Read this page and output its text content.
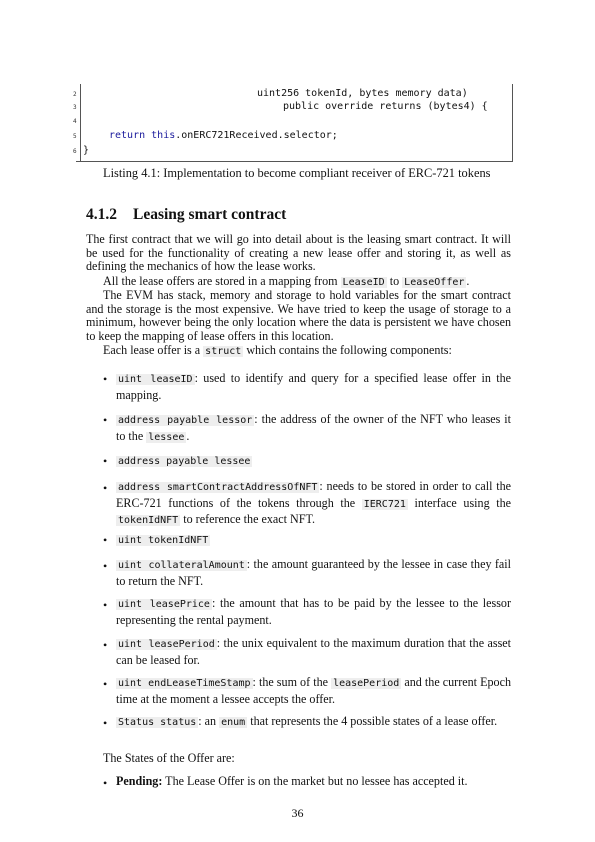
2	uint256 tokenId, bytes memory data)
3	public override returns (bytes4) {
4
5	return this.onERC721Received.selector;
6 }
Listing 4.1: Implementation to become compliant receiver of ERC-721 tokens
4.1.2 Leasing smart contract

The first contract that we will go into detail about is the leasing smart contract. It will be used for the functionality of creating a new lease offer and storing it, as well as defining the mechanics of how the lease works.

All the lease offers are stored in a mapping from LeaseID to LeaseOffer .

The EVM has stack, memory and storage to hold variables for the smart contract and the storage is the most expensive. We have tried to keep the usage of storage to a minimum, however being the only location where the data is persistent we have chosen to keep the mapping of lease offers in this location.

Each lease offer is a struct which contains the following components:

•	uint leaseID : used to identify and query for a specified lease offer in the mapping.

•	address payable lessor : the address of the owner of the NFT who leases it to the lessee .

•	address payable lessee

•	address smartContractAddressOfNFT : needs to be stored in order to call the ERC-721 functions of the tokens through the IERC721 interface using the tokenIdNFT to reference the exact NFT.

•	uint tokenIdNFT

•	uint collateralAmount : the amount guaranteed by the lessee in case they fail to return the NFT.

•	uint leasePrice : the amount that has to be paid by the lessee to the lessor representing the rental payment.

•	uint leasePeriod : the unix equivalent to the maximum duration that the asset can be leased for.

•	uint endLeaseTimeStamp : the sum of the leasePeriod and the current Epoch time at the moment a lessee accepts the offer.

•	Status status : an enum that represents the 4 possible states of a lease offer.

The States of the Offer are:

• Pending: The Lease Offer is on the market but no lessee has accepted it.

36
